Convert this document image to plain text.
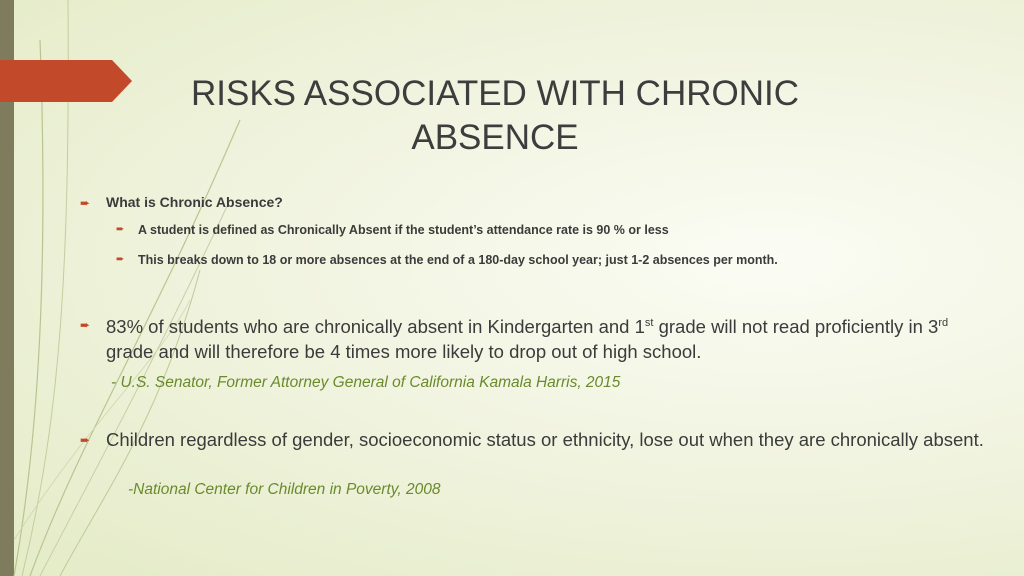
RISKS ASSOCIATED WITH CHRONIC ABSENCE
➨ What is Chronic Absence?
➨ A student is defined as Chronically Absent if the student’s attendance rate is 90 % or less
➨ This breaks down to 18 or more absences at the end of a 180-day school year; just 1-2 absences per month.
➨ 83% of students who are chronically absent in Kindergarten and 1st grade will not read proficiently in 3rd grade and will therefore be 4 times more likely to drop out of high school.
- U.S. Senator, Former Attorney General of California Kamala Harris, 2015
➨ Children regardless of gender, socioeconomic status or ethnicity, lose out when they are chronically absent.
-National Center for Children in Poverty, 2008
